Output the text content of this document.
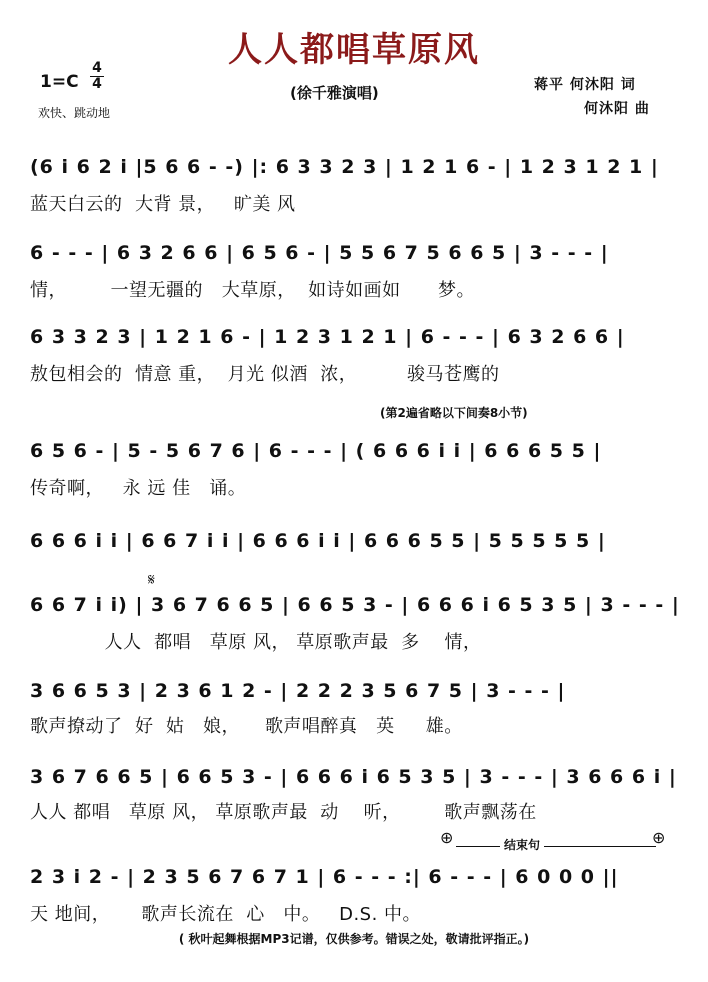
人人都唱草原风
1=C
4
4	(徐千雅演唱)
欢快、跳动地
蒋平 何沐阳 词
何沐阳 曲
(6 i 6 2 i |5 6 6 - -) |: 6 3 3 2 3 | 1 2 1 6 - | 1 2 3 1 2 1 |
蓝天白云的  大背 景，   旷美 风
6 - - - | 6 3 2 6 6 | 6 5 6 - | 5 5 6 7 5 6 6 5 | 3 - - - |
情，       一望无疆的   大草原，  如诗如画如      梦。
6 3 3 2 3 | 1 2 1 6 - | 1 2 3 1 2 1 | 6 - - - | 6 3 2 6 6 |
敖包相会的  情意 重，  月光 似酒  浓，        骏马苍鹰的
(第2遍省略以下间奏8小节)
6 5 6 - | 5 - 5 6 7 6 | 6 - - - | ( 6 6 6 i i | 6 6 6 5 5 |
传奇啊，   永 远 佳   诵。
6 6 6 i i | 6 6 7 i i | 6 6 6 i i | 6 6 6 5 5 | 5 5 5 5 5 |
𝄋
6 6 7 i i) | 3 6 7 6 6 5 | 6 6 5 3 - | 6 6 6 i 6 5 3 5 | 3 - - - |
人人  都唱   草原 风， 草原歌声最  多    情，
3 6 6 5 3 | 2 3 6 1 2 - | 2 2 2 3 5 6 7 5 | 3 - - - |
歌声撩动了  好  姑   娘，    歌声唱醉真   英     雄。
3 6 7 6 6 5 | 6 6 5 3 - | 6 6 6 i 6 5 3 5 | 3 - - - | 3 6 6 6 i |
人人 都唱   草原 风， 草原歌声最  动    听，       歌声飘荡在
⊕	结束句	⊕
2 3 i 2 - | 2 3 5 6 7 6 7 1 | 6 - - - :| 6 - - - | 6 0 0 0 ||
天 地间，     歌声长流在  心   中。   D.S. 中。
( 秋叶起舞根据MP3记谱，仅供参考。错误之处，敬请批评指正。)
